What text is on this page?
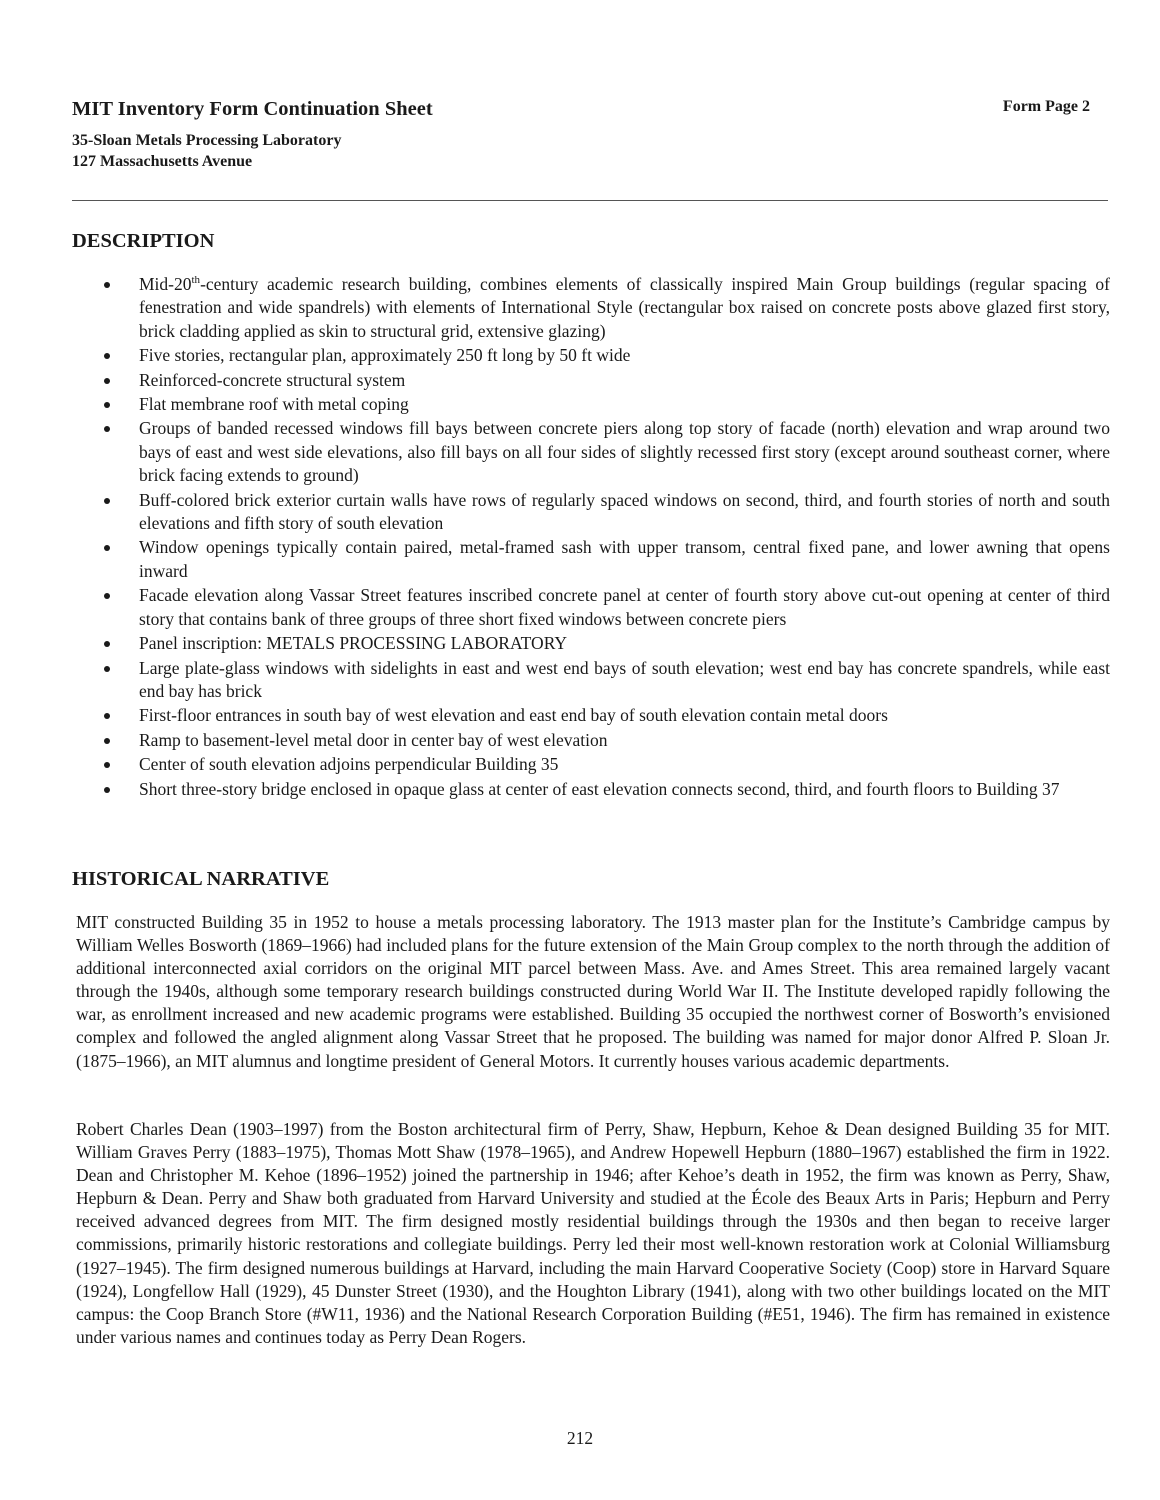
MIT Inventory Form Continuation Sheet	Form Page 2
35-Sloan Metals Processing Laboratory
127 Massachusetts Avenue
DESCRIPTION
Mid-20th-century academic research building, combines elements of classically inspired Main Group buildings (regular spacing of fenestration and wide spandrels) with elements of International Style (rectangular box raised on concrete posts above glazed first story, brick cladding applied as skin to structural grid, extensive glazing)
Five stories, rectangular plan, approximately 250 ft long by 50 ft wide
Reinforced-concrete structural system
Flat membrane roof with metal coping
Groups of banded recessed windows fill bays between concrete piers along top story of facade (north) elevation and wrap around two bays of east and west side elevations, also fill bays on all four sides of slightly recessed first story (except around southeast corner, where brick facing extends to ground)
Buff-colored brick exterior curtain walls have rows of regularly spaced windows on second, third, and fourth stories of north and south elevations and fifth story of south elevation
Window openings typically contain paired, metal-framed sash with upper transom, central fixed pane, and lower awning that opens inward
Facade elevation along Vassar Street features inscribed concrete panel at center of fourth story above cut-out opening at center of third story that contains bank of three groups of three short fixed windows between concrete piers
Panel inscription: METALS PROCESSING LABORATORY
Large plate-glass windows with sidelights in east and west end bays of south elevation; west end bay has concrete spandrels, while east end bay has brick
First-floor entrances in south bay of west elevation and east end bay of south elevation contain metal doors
Ramp to basement-level metal door in center bay of west elevation
Center of south elevation adjoins perpendicular Building 35
Short three-story bridge enclosed in opaque glass at center of east elevation connects second, third, and fourth floors to Building 37
HISTORICAL NARRATIVE

MIT constructed Building 35 in 1952 to house a metals processing laboratory. The 1913 master plan for the Institute’s Cambridge campus by William Welles Bosworth (1869–1966) had included plans for the future extension of the Main Group complex to the north through the addition of additional interconnected axial corridors on the original MIT parcel between Mass. Ave. and Ames Street. This area remained largely vacant through the 1940s, although some temporary research buildings constructed during World War II. The Institute developed rapidly following the war, as enrollment increased and new academic programs were established. Building 35 occupied the northwest corner of Bosworth’s envisioned complex and followed the angled alignment along Vassar Street that he proposed. The building was named for major donor Alfred P. Sloan Jr. (1875–1966), an MIT alumnus and longtime president of General Motors. It currently houses various academic departments.

Robert Charles Dean (1903–1997) from the Boston architectural firm of Perry, Shaw, Hepburn, Kehoe & Dean designed Building 35 for MIT. William Graves Perry (1883–1975), Thomas Mott Shaw (1978–1965), and Andrew Hopewell Hepburn (1880–1967) established the firm in 1922. Dean and Christopher M. Kehoe (1896–1952) joined the partnership in 1946; after Kehoe’s death in 1952, the firm was known as Perry, Shaw, Hepburn & Dean. Perry and Shaw both graduated from Harvard University and studied at the École des Beaux Arts in Paris; Hepburn and Perry received advanced degrees from MIT. The firm designed mostly residential buildings through the 1930s and then began to receive larger commissions, primarily historic restorations and collegiate buildings. Perry led their most well-known restoration work at Colonial Williamsburg (1927–1945). The firm designed numerous buildings at Harvard, including the main Harvard Cooperative Society (Coop) store in Harvard Square (1924), Longfellow Hall (1929), 45 Dunster Street (1930), and the Houghton Library (1941), along with two other buildings located on the MIT campus: the Coop Branch Store (#W11, 1936) and the National Research Corporation Building (#E51, 1946). The firm has remained in existence under various names and continues today as Perry Dean Rogers.

212
